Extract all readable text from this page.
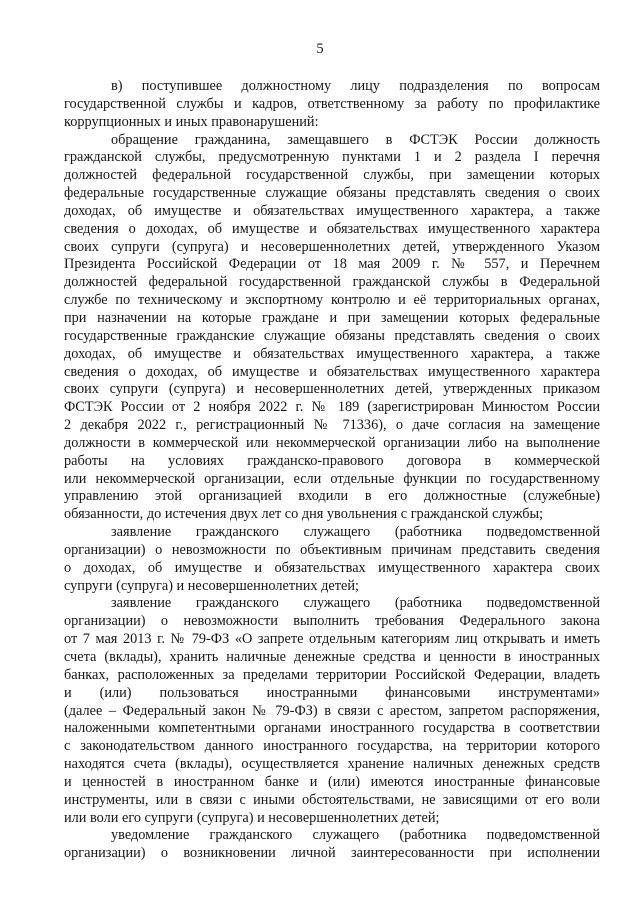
5
в) поступившее должностному лицу подразделения по вопросам
государственной службы и кадров, ответственному за работу по профилактике
коррупционных и иных правонарушений:
обращение гражданина, замещавшего в ФСТЭК России должность
гражданской службы, предусмотренную пунктами 1 и 2 раздела I перечня
должностей федеральной государственной службы, при замещении которых
федеральные государственные служащие обязаны представлять сведения о своих
доходах, об имуществе и обязательствах имущественного характера, а также
сведения о доходах, об имуществе и обязательствах имущественного характера
своих супруги (супруга) и несовершеннолетних детей, утвержденного Указом
Президента Российской Федерации от 18 мая 2009 г. № 557, и Перечнем
должностей федеральной государственной гражданской службы в Федеральной
службе по техническому и экспортному контролю и её территориальных органах,
при назначении на которые граждане и при замещении которых федеральные
государственные гражданские служащие обязаны представлять сведения о своих
доходах, об имуществе и обязательствах имущественного характера, а также
сведения о доходах, об имуществе и обязательствах имущественного характера
своих супруги (супруга) и несовершеннолетних детей, утвержденных приказом
ФСТЭК России от 2 ноября 2022 г. № 189 (зарегистрирован Минюстом России
2 декабря 2022 г., регистрационный № 71336), о даче согласия на замещение
должности в коммерческой или некоммерческой организации либо на выполнение
работы на условиях гражданско-правового договора в коммерческой
или некоммерческой организации, если отдельные функции по государственному
управлению этой организацией входили в его должностные (служебные)
обязанности, до истечения двух лет со дня увольнения с гражданской службы;
заявление гражданского служащего (работника подведомственной
организации) о невозможности по объективным причинам представить сведения
о доходах, об имуществе и обязательствах имущественного характера своих
супруги (супруга) и несовершеннолетних детей;
заявление гражданского служащего (работника подведомственной
организации) о невозможности выполнить требования Федерального закона
от 7 мая 2013 г. № 79-ФЗ «О запрете отдельным категориям лиц открывать и иметь
счета (вклады), хранить наличные денежные средства и ценности в иностранных
банках, расположенных за пределами территории Российской Федерации, владеть
и (или) пользоваться иностранными финансовыми инструментами»
(далее – Федеральный закон № 79-ФЗ) в связи с арестом, запретом распоряжения,
наложенными компетентными органами иностранного государства в соответствии
с законодательством данного иностранного государства, на территории которого
находятся счета (вклады), осуществляется хранение наличных денежных средств
и ценностей в иностранном банке и (или) имеются иностранные финансовые
инструменты, или в связи с иными обстоятельствами, не зависящими от его воли
или воли его супруги (супруга) и несовершеннолетних детей;
уведомление гражданского служащего (работника подведомственной
организации) о возникновении личной заинтересованности при исполнении
